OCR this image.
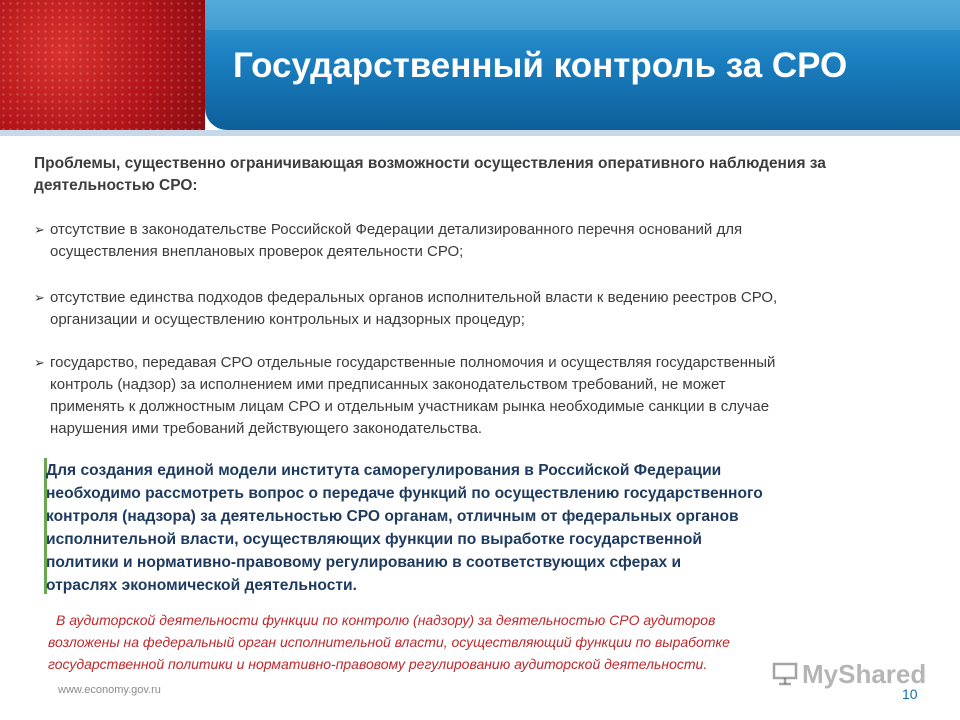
Государственный контроль за СРО

Проблемы, существенно ограничивающая возможности осуществления оперативного наблюдения за деятельностью СРО:

➢ отсутствие в законодательстве Российской Федерации детализированного перечня оснований для
осуществления внеплановых проверок деятельности СРО;
➢ отсутствие единства подходов федеральных органов исполнительной власти к ведению реестров СРО,
организации и осуществлению контрольных и надзорных процедур;
➢ государство, передавая СРО отдельные государственные полномочия и осуществляя государственный
контроль (надзор) за исполнением ими предписанных законодательством требований, не может
применять к должностным лицам СРО и отдельным участникам рынка необходимые санкции в случае
нарушения ими требований действующего законодательства.
Для создания единой модели института саморегулирования в Российской Федерации
необходимо рассмотреть вопрос о передаче функций по осуществлению государственного
контроля (надзора) за деятельностью СРО органам, отличным от федеральных органов
исполнительной власти, осуществляющих функции по выработке государственной
политики и нормативно-правовому регулированию в соответствующих сферах и
отраслях экономической деятельности.
В аудиторской деятельности функции по контролю (надзору) за деятельностью СРО аудиторов
возложены на федеральный орган исполнительной власти, осуществляющий функции по выработке
государственной политики и нормативно-правовому регулированию аудиторской деятельности.	MyShared
www.economy.gov.ru	10
